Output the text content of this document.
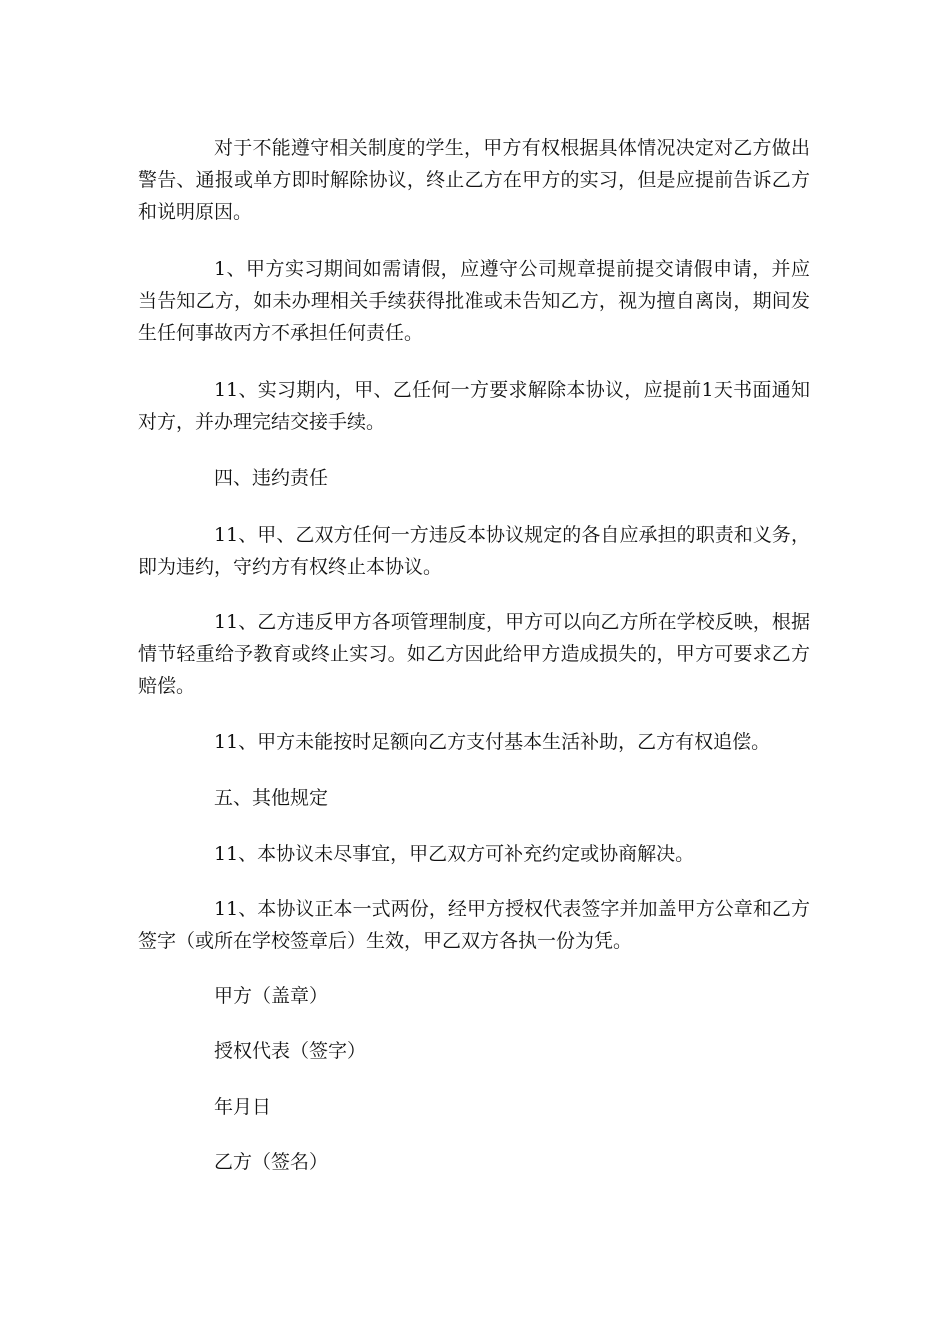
对于不能遵守相关制度的学生，甲方有权根据具体情况决定对乙方做出警告、通报或单方即时解除协议，终止乙方在甲方的实习，但是应提前告诉乙方和说明原因。

1、甲方实习期间如需请假，应遵守公司规章提前提交请假申请，并应当告知乙方，如未办理相关手续获得批准或未告知乙方，视为擅自离岗，期间发生任何事故丙方不承担任何责任。

11、实习期内，甲、乙任何一方要求解除本协议，应提前1天书面通知对方，并办理完结交接手续。

四、违约责任

11、甲、乙双方任何一方违反本协议规定的各自应承担的职责和义务，即为违约，守约方有权终止本协议。

11、乙方违反甲方各项管理制度，甲方可以向乙方所在学校反映，根据情节轻重给予教育或终止实习。如乙方因此给甲方造成损失的，甲方可要求乙方赔偿。

11、甲方未能按时足额向乙方支付基本生活补助，乙方有权追偿。

五、其他规定

11、本协议未尽事宜，甲乙双方可补充约定或协商解决。

11、本协议正本一式两份，经甲方授权代表签字并加盖甲方公章和乙方签字（或所在学校签章后）生效，甲乙双方各执一份为凭。

甲方（盖章）

授权代表（签字）

年月日

乙方（签名）
